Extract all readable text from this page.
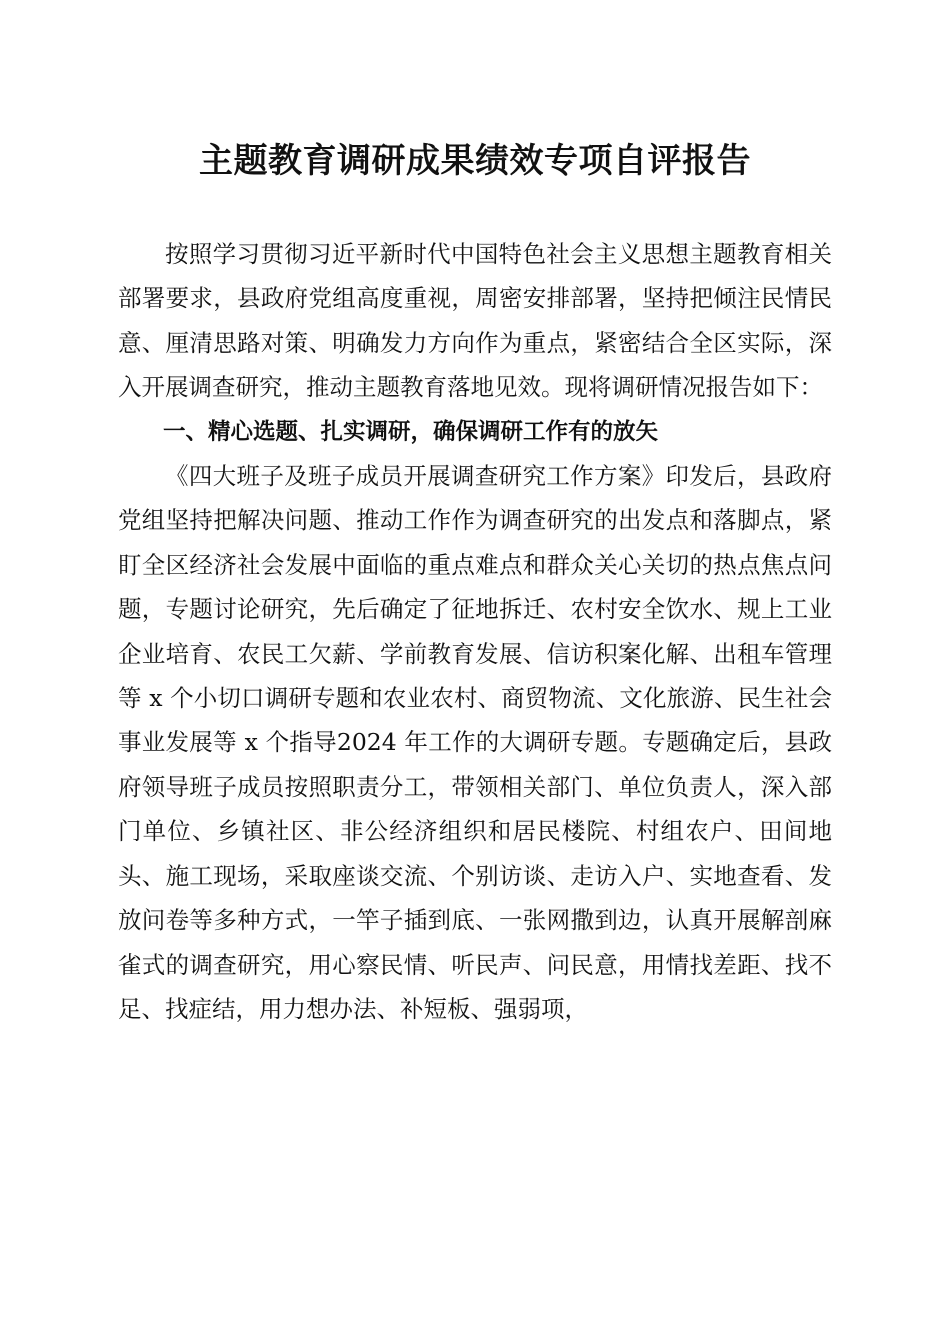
主题教育调研成果绩效专项自评报告

按照学习贯彻习近平新时代中国特色社会主义思想主题教育相关部署要求，县政府党组高度重视，周密安排部署，坚持把倾注民情民意、厘清思路对策、明确发力方向作为重点，紧密结合全区实际，深入开展调查研究，推动主题教育落地见效。现将调研情况报告如下：

一、精心选题、扎实调研，确保调研工作有的放矢

《四大班子及班子成员开展调查研究工作方案》印发后，县政府党组坚持把解决问题、推动工作作为调查研究的出发点和落脚点，紧盯全区经济社会发展中面临的重点难点和群众关心关切的热点焦点问题，专题讨论研究，先后确定了征地拆迁、农村安全饮水、规上工业企业培育、农民工欠薪、学前教育发展、信访积案化解、出租车管理等 x 个小切口调研专题和农业农村、商贸物流、文化旅游、民生社会事业发展等 x 个指导2024 年工作的大调研专题。专题确定后，县政府领导班子成员按照职责分工，带领相关部门、单位负责人，深入部门单位、乡镇社区、非公经济组织和居民楼院、村组农户、田间地头、施工现场，采取座谈交流、个别访谈、走访入户、实地查看、发放问卷等多种方式，一竿子插到底、一张网撒到边，认真开展解剖麻雀式的调查研究，用心察民情、听民声、问民意，用情找差距、找不足、找症结，用力想办法、补短板、强弱项，
